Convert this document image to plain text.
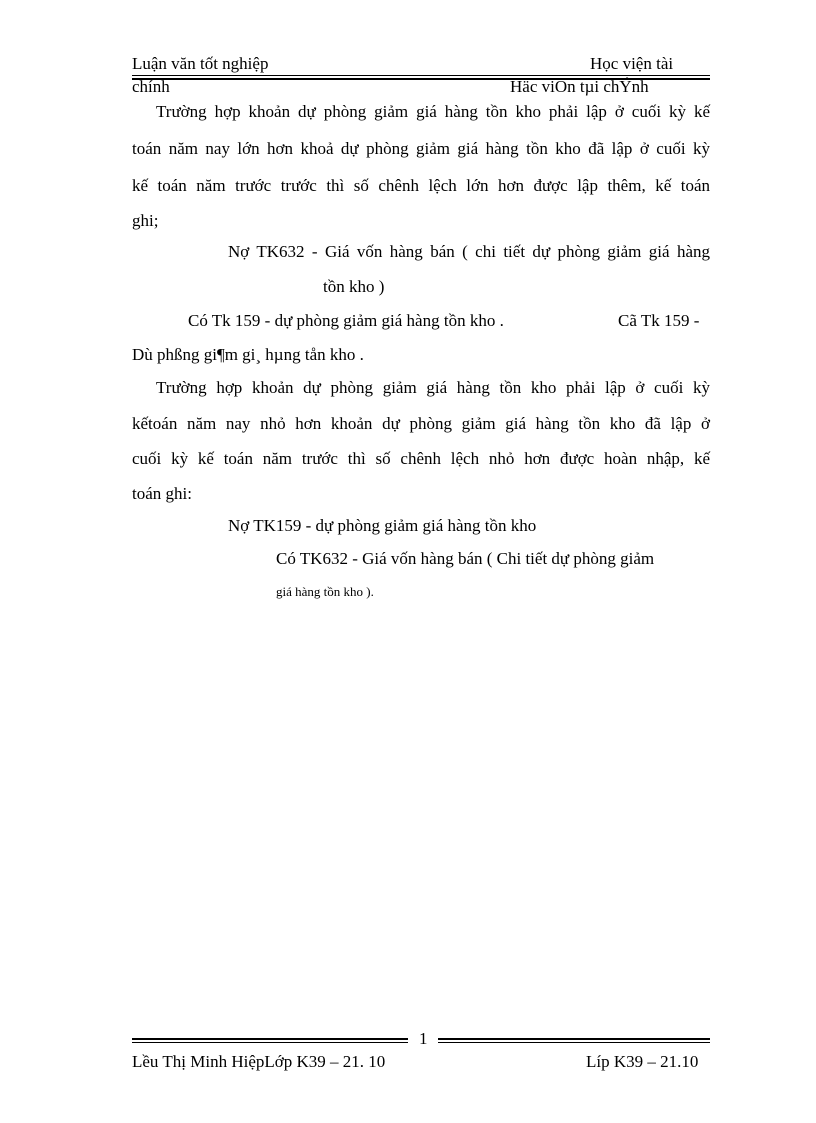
Luận văn tốt nghiệp	Học viện tài
chính	Häc viÖn tµi chÝnh
Trường hợp khoản dự phòng giảm giá hàng tồn kho phải lập ở cuối kỳ kế
toán năm nay lớn hơn khoả dự phòng giảm giá hàng tồn kho đã lập ở cuối kỳ
kế toán năm trước trước thì số chênh lệch lớn hơn được lập thêm, kế toán
ghi;
Nợ TK632 - Giá vốn hàng bán ( chi tiết dự phòng giảm giá hàng
tồn kho )
Có Tk 159 - dự phòng giảm giá hàng tồn kho .	Cã Tk 159 -
Dù phßng gi¶m gi¸ hµng tån kho .
Trường hợp khoản dự phòng giảm giá hàng tồn kho phải lập ở cuối kỳ
kếtoán năm nay nhỏ hơn khoản dự phòng giảm giá hàng tồn kho đã lập ở
cuối kỳ kế toán năm trước thì số chênh lệch nhỏ hơn được hoàn nhập, kế
toán ghi:
Nợ TK159 - dự phòng giảm giá hàng tồn kho
Có TK632 - Giá vốn hàng bán ( Chi tiết dự phòng giảm
giá hàng tồn kho ).
1
Lều Thị Minh HiệpLớp K39 – 21. 10	Líp K39 – 21.10
